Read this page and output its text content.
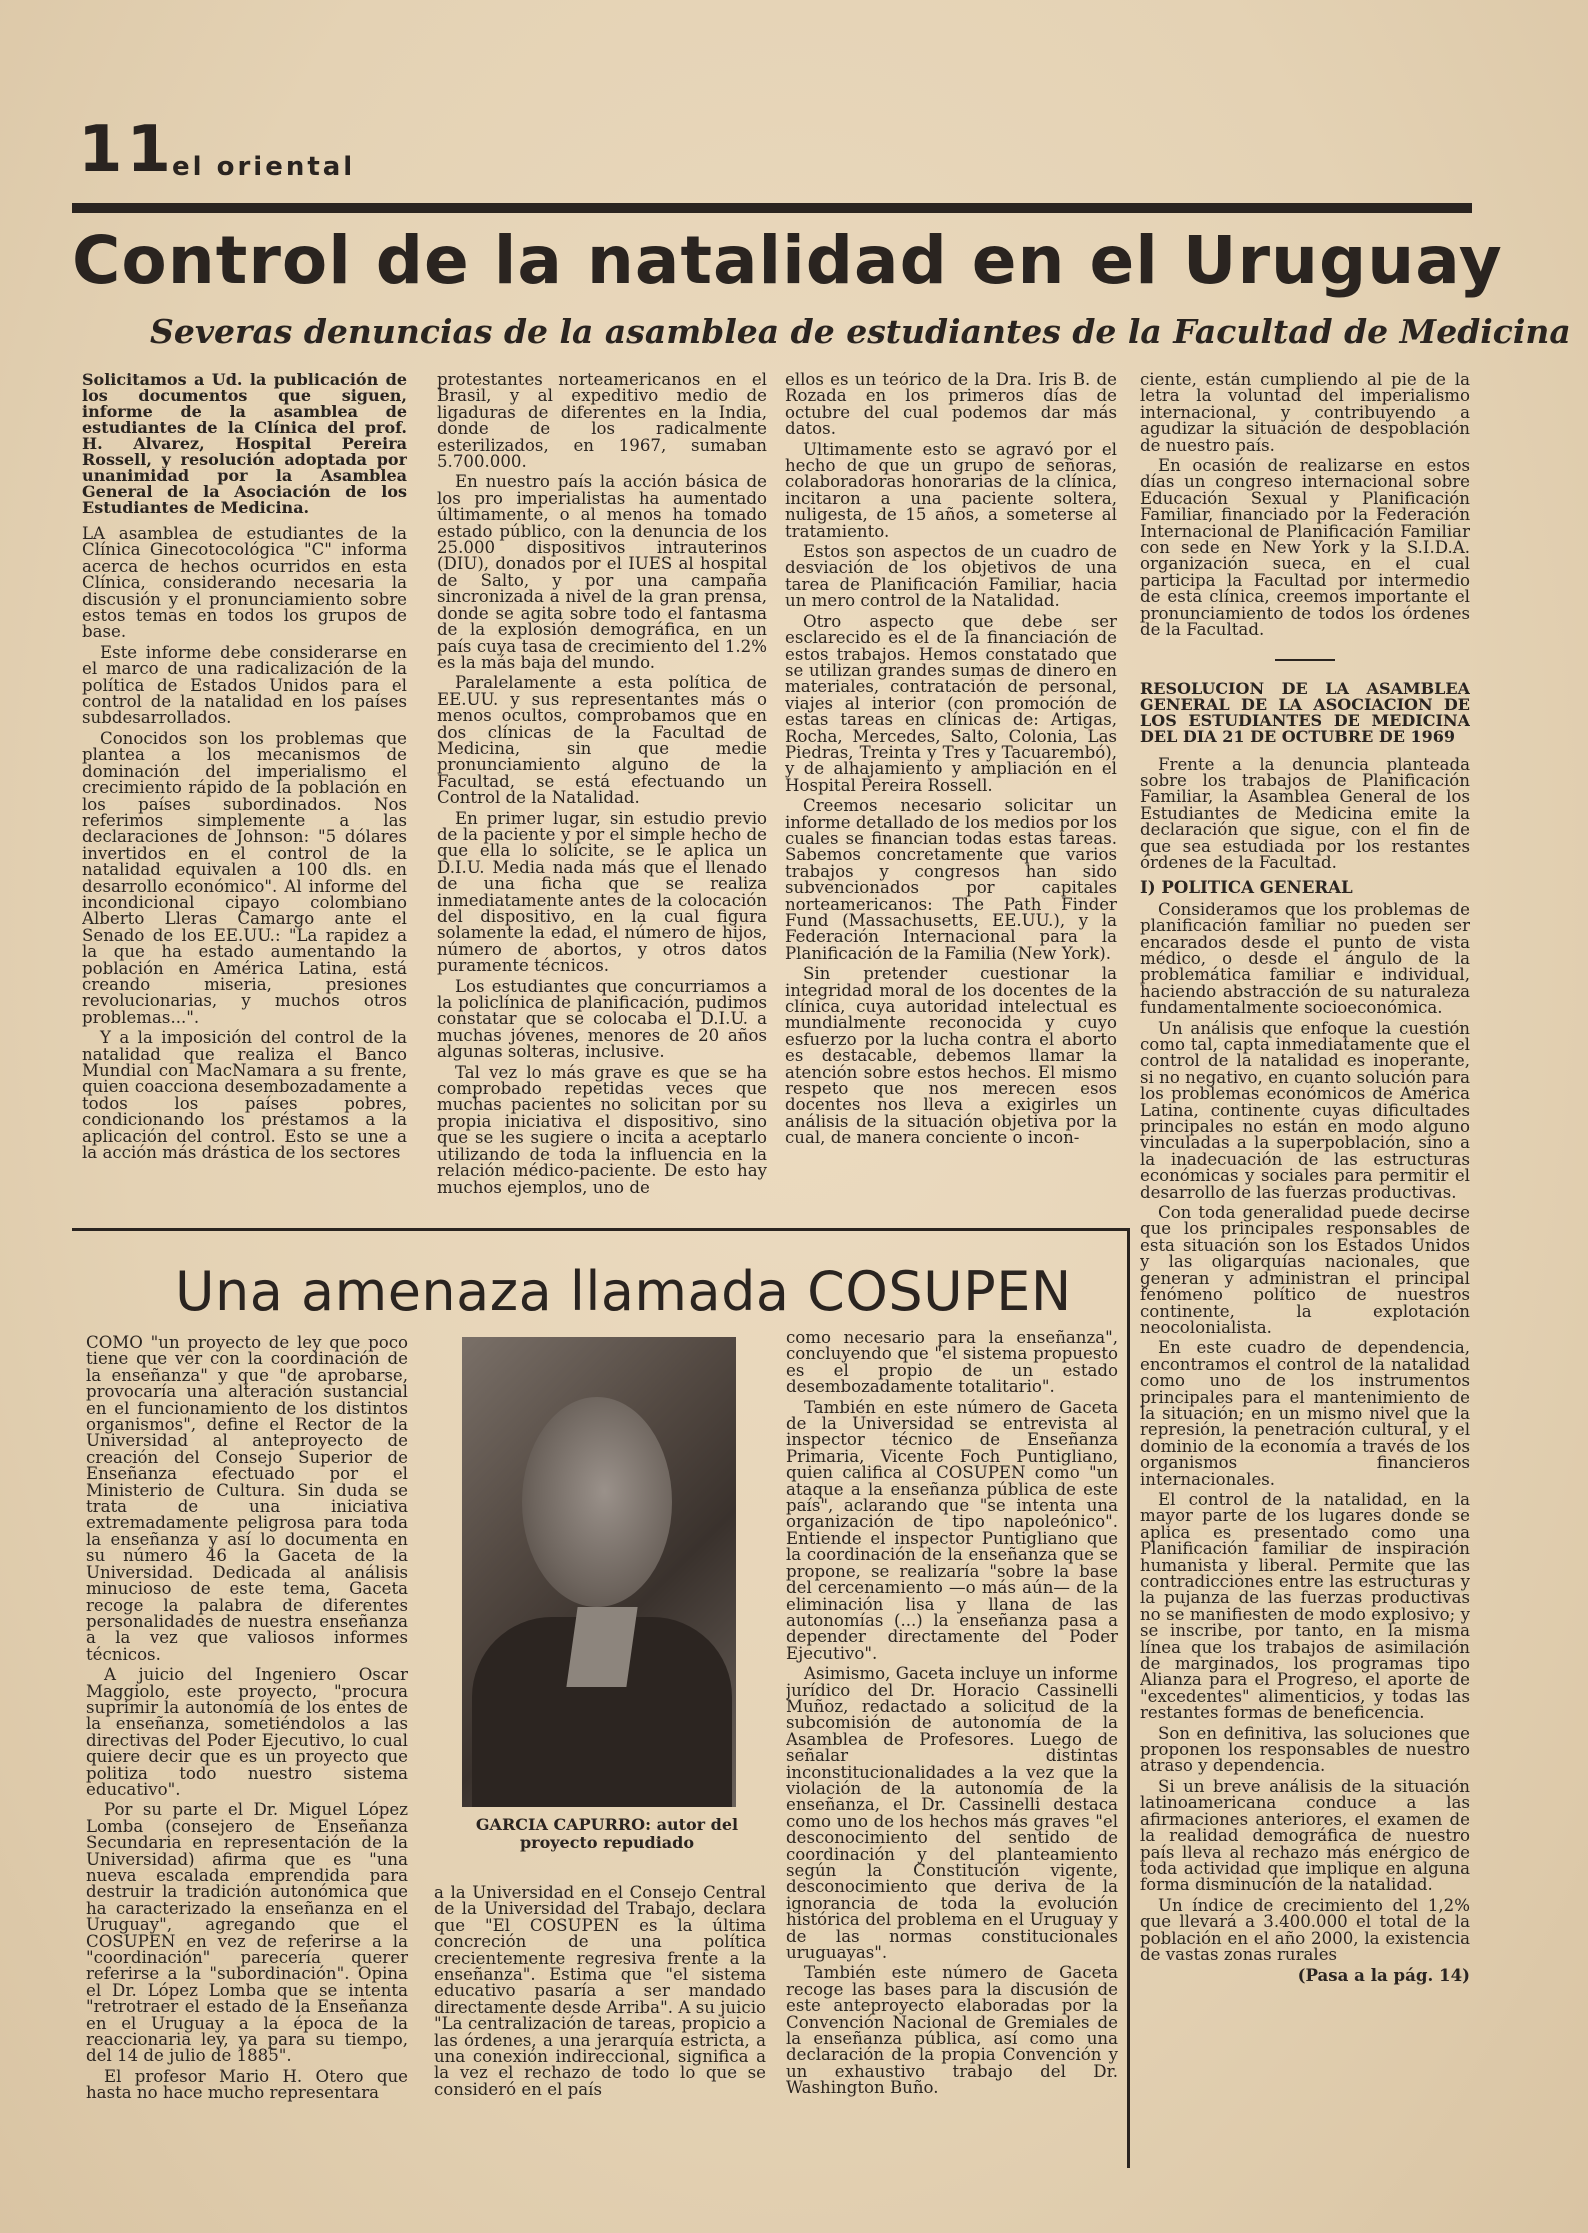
11
el oriental
Control de la natalidad en el Uruguay
Severas denuncias de la asamblea de estudiantes de la Facultad de Medicina

Solicitamos a Ud. la publicación de los documentos que siguen, informe de la asamblea de estudiantes de la Clínica del prof. H. Alvarez, Hospital Pereira Rossell, y resolución adoptada por unanimidad por la Asamblea General de la Asociación de los Estudiantes de Medicina.

LA asamblea de estudiantes de la Clínica Ginecotocológica "C" informa acerca de hechos ocurridos en esta Clínica, considerando necesaria la discusión y el pronunciamiento sobre estos temas en todos los grupos de base.

Este informe debe considerarse en el marco de una radicalización de la política de Estados Unidos para el control de la natalidad en los países subdesarrollados.

Conocidos son los problemas que plantea a los mecanismos de dominación del imperialismo el crecimiento rápido de la población en los países subordinados. Nos referimos simplemente a las declaraciones de Johnson: "5 dólares invertidos en el control de la natalidad equivalen a 100 dls. en desarrollo económico". Al informe del incondicional cipayo colombiano Alberto Lleras Camargo ante el Senado de los EE.UU.: "La rapidez a la que ha estado aumentando la población en América Latina, está creando miseria, presiones revolucionarias, y muchos otros problemas...".

Y a la imposición del control de la natalidad que realiza el Banco Mundial con MacNamara a su frente, quien coacciona desembozadamente a todos los países pobres, condicionando los préstamos a la aplicación del control. Esto se une a la acción más drástica de los sectores

protestantes norteamericanos en el Brasil, y al expeditivo medio de ligaduras de diferentes en la India, donde de los radicalmente esterilizados, en 1967, sumaban 5.700.000.

En nuestro país la acción básica de los pro imperialistas ha aumentado últimamente, o al menos ha tomado estado público, con la denuncia de los 25.000 dispositivos intrauterinos (DIU), donados por el IUES al hospital de Salto, y por una campaña sincronizada a nivel de la gran prensa, donde se agita sobre todo el fantasma de la explosión demográfica, en un país cuya tasa de crecimiento del 1.2% es la más baja del mundo.

Paralelamente a esta política de EE.UU. y sus representantes más o menos ocultos, comprobamos que en dos clínicas de la Facultad de Medicina, sin que medie pronunciamiento alguno de la Facultad, se está efectuando un Control de la Natalidad.

En primer lugar, sin estudio previo de la paciente y por el simple hecho de que ella lo solicite, se le aplica un D.I.U. Media nada más que el llenado de una ficha que se realiza inmediatamente antes de la colocación del dispositivo, en la cual figura solamente la edad, el número de hijos, número de abortos, y otros datos puramente técnicos.

Los estudiantes que concurriamos a la policlínica de planificación, pudimos constatar que se colocaba el D.I.U. a muchas jóvenes, menores de 20 años algunas solteras, inclusive.

Tal vez lo más grave es que se ha comprobado repetidas veces que muchas pacientes no solicitan por su propia iniciativa el dispositivo, sino que se les sugiere o incita a aceptarlo utilizando de toda la influencia en la relación médico-paciente. De esto hay muchos ejemplos, uno de

ellos es un teórico de la Dra. Iris B. de Rozada en los primeros días de octubre del cual podemos dar más datos.

Ultimamente esto se agravó por el hecho de que un grupo de señoras, colaboradoras honorarias de la clínica, incitaron a una paciente soltera, nuligesta, de 15 años, a someterse al tratamiento.

Estos son aspectos de un cuadro de desviación de los objetivos de una tarea de Planificación Familiar, hacia un mero control de la Natalidad.

Otro aspecto que debe ser esclarecido es el de la financiación de estos trabajos. Hemos constatado que se utilizan grandes sumas de dinero en materiales, contratación de personal, viajes al interior (con promoción de estas tareas en clínicas de: Artigas, Rocha, Mercedes, Salto, Colonia, Las Piedras, Treinta y Tres y Tacuarembó), y de alhajamiento y ampliación en el Hospital Pereira Rossell.

Creemos necesario solicitar un informe detallado de los medios por los cuales se financian todas estas tareas. Sabemos concretamente que varios trabajos y congresos han sido subvencionados por capitales norteamericanos: The Path Finder Fund (Massachusetts, EE.UU.), y la Federación Internacional para la Planificación de la Familia (New York).

Sin pretender cuestionar la integridad moral de los docentes de la clínica, cuya autoridad intelectual es mundialmente reconocida y cuyo esfuerzo por la lucha contra el aborto es destacable, debemos llamar la atención sobre estos hechos. El mismo respeto que nos merecen esos docentes nos lleva a exigirles un análisis de la situación objetiva por la cual, de manera conciente o incon-

ciente, están cumpliendo al pie de la letra la voluntad del imperialismo internacional, y contribuyendo a agudizar la situación de despoblación de nuestro país.

En ocasión de realizarse en estos días un congreso internacional sobre Educación Sexual y Planificación Familiar, financiado por la Federación Internacional de Planificación Familiar con sede en New York y la S.I.D.A. organización sueca, en el cual participa la Facultad por intermedio de esta clínica, creemos importante el pronunciamiento de todos los órdenes de la Facultad.

RESOLUCION DE LA ASAMBLEA GENERAL DE LA ASOCIACION DE LOS ESTUDIANTES DE MEDICINA DEL DIA 21 DE OCTUBRE DE 1969

Frente a la denuncia planteada sobre los trabajos de Planificación Familiar, la Asamblea General de los Estudiantes de Medicina emite la declaración que sigue, con el fin de que sea estudiada por los restantes órdenes de la Facultad.

I) POLITICA GENERAL

Consideramos que los problemas de planificación familiar no pueden ser encarados desde el punto de vista médico, o desde el ángulo de la problemática familiar e individual, haciendo abstracción de su naturaleza fundamentalmente socioeconómica.

Un análisis que enfoque la cuestión como tal, capta inmediatamente que el control de la natalidad es inoperante, si no negativo, en cuanto solución para los problemas económicos de América Latina, continente cuyas dificultades principales no están en modo alguno vinculadas a la superpoblación, sino a la inadecuación de las estructuras económicas y sociales para permitir el desarrollo de las fuerzas productivas.

Con toda generalidad puede decirse que los principales responsables de esta situación son los Estados Unidos y las oligarquías nacionales, que generan y administran el principal fenómeno político de nuestros continente, la explotación neocolonialista.

En este cuadro de dependencia, encontramos el control de la natalidad como uno de los instrumentos principales para el mantenimiento de la situación; en un mismo nivel que la represión, la penetración cultural, y el dominio de la economía a través de los organismos financieros internacionales.

El control de la natalidad, en la mayor parte de los lugares donde se aplica es presentado como una Planificación familiar de inspiración humanista y liberal. Permite que las contradicciones entre las estructuras y la pujanza de las fuerzas productivas no se manifiesten de modo explosivo; y se inscribe, por tanto, en la misma línea que los trabajos de asimilación de marginados, los programas tipo Alianza para el Progreso, el aporte de "excedentes" alimenticios, y todas las restantes formas de beneficencia.

Son en definitiva, las soluciones que proponen los responsables de nuestro atraso y dependencia.

Si un breve análisis de la situación latinoamericana conduce a las afirmaciones anteriores, el examen de la realidad demográfica de nuestro país lleva al rechazo más enérgico de toda actividad que implique en alguna forma disminución de la natalidad.

Un índice de crecimiento del 1,2% que llevará a 3.400.000 el total de la población en el año 2000, la existencia de vastas zonas rurales

(Pasa a la pág. 14)

Una amenaza llamada COSUPEN

COMO "un proyecto de ley que poco tiene que ver con la coordinación de la enseñanza" y que "de aprobarse, provocaría una alteración sustancial en el funcionamiento de los distintos organismos", define el Rector de la Universidad al anteproyecto de creación del Consejo Superior de Enseñanza efectuado por el Ministerio de Cultura. Sin duda se trata de una iniciativa extremadamente peligrosa para toda la enseñanza y así lo documenta en su número 46 la Gaceta de la Universidad. Dedicada al análisis minucioso de este tema, Gaceta recoge la palabra de diferentes personalidades de nuestra enseñanza a la vez que valiosos informes técnicos.

A juicio del Ingeniero Oscar Maggiolo, este proyecto, "procura suprimir la autonomía de los entes de la enseñanza, sometiéndolos a las directivas del Poder Ejecutivo, lo cual quiere decir que es un proyecto que politiza todo nuestro sistema educativo".

Por su parte el Dr. Miguel López Lomba (consejero de Enseñanza Secundaria en representación de la Universidad) afirma que es "una nueva escalada emprendida para destruir la tradición autonómica que ha caracterizado la enseñanza en el Uruguay", agregando que el COSUPEN en vez de referirse a la "coordinación" parecería querer referirse a la "subordinación". Opina el Dr. López Lomba que se intenta "retrotraer el estado de la Enseñanza en el Uruguay a la época de la reaccionaria ley, ya para su tiempo, del 14 de julio de 1885".

El profesor Mario H. Otero que hasta no hace mucho representara

GARCIA CAPURRO: autor del proyecto repudiado

a la Universidad en el Consejo Central de la Universidad del Trabajo, declara que "El COSUPEN es la última concreción de una política crecientemente regresiva frente a la enseñanza". Estima que "el sistema educativo pasaría a ser mandado directamente desde Arriba". A su juicio "La centralización de tareas, propicio a las órdenes, a una jerarquía estricta, a una conexión indireccional, significa a la vez el rechazo de todo lo que se consideró en el país

como necesario para la enseñanza", concluyendo que "el sistema propuesto es el propio de un estado desembozadamente totalitario".

También en este número de Gaceta de la Universidad se entrevista al inspector técnico de Enseñanza Primaria, Vicente Foch Puntigliano, quien califica al COSUPEN como "un ataque a la enseñanza pública de este país", aclarando que "se intenta una organización de tipo napoleónico". Entiende el inspector Puntigliano que la coordinación de la enseñanza que se propone, se realizaría "sobre la base del cercenamiento —o más aún— de la eliminación lisa y llana de las autonomías (...) la enseñanza pasa a depender directamente del Poder Ejecutivo".

Asimismo, Gaceta incluye un informe jurídico del Dr. Horacio Cassinelli Muñoz, redactado a solicitud de la subcomisión de autonomía de la Asamblea de Profesores. Luego de señalar distintas inconstitucionalidades a la vez que la violación de la autonomía de la enseñanza, el Dr. Cassinelli destaca como uno de los hechos más graves "el desconocimiento del sentido de coordinación y del planteamiento según la Constitución vigente, desconocimiento que deriva de la ignorancia de toda la evolución histórica del problema en el Uruguay y de las normas constitucionales uruguayas".

También este número de Gaceta recoge las bases para la discusión de este anteproyecto elaboradas por la Convención Nacional de Gremiales de la enseñanza pública, así como una declaración de la propia Convención y un exhaustivo trabajo del Dr. Washington Buño.
